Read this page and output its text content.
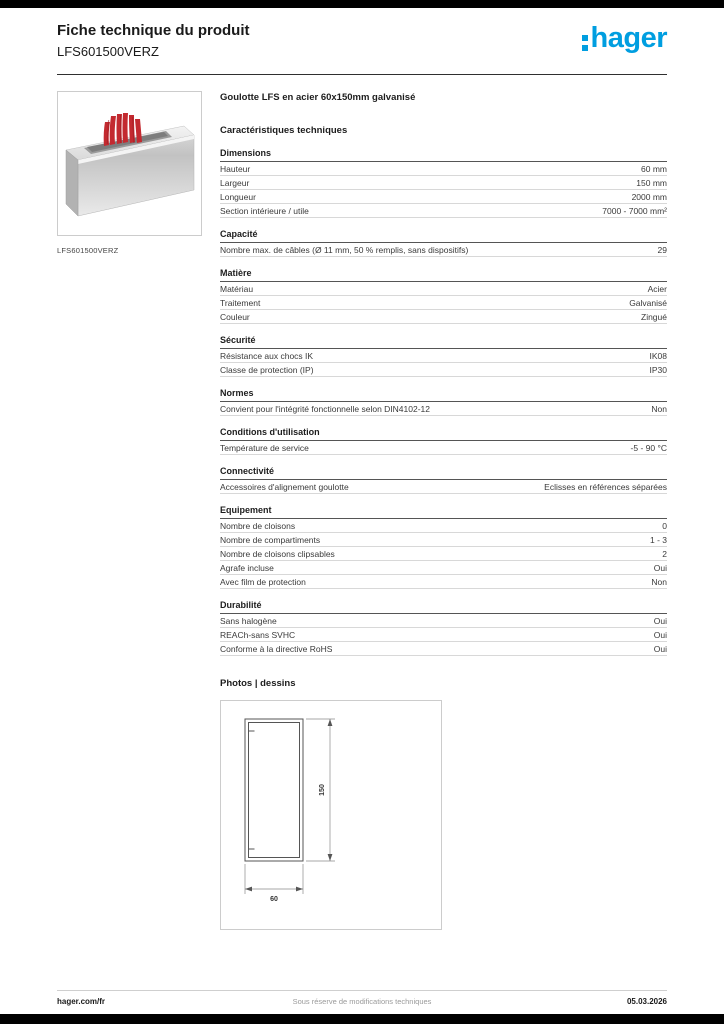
Fiche technique du produit
LFS601500VERZ	hager
LFS601500VERZ
Goulotte LFS en acier 60x150mm galvanisé
Caractéristiques techniques
Dimensions
Hauteur	60 mm
Largeur	150 mm
Longueur	2000 mm
Section intérieure / utile	7000 - 7000 mm²
Capacité
Nombre max. de câbles (Ø 11 mm, 50 % remplis, sans dispositifs)	29
Matière
Matériau	Acier
Traitement	Galvanisé
Couleur	Zingué
Sécurité
Résistance aux chocs IK	IK08
Classe de protection (IP)	IP30
Normes
Convient pour l'intégrité fonctionnelle selon DIN4102-12	Non
Conditions d'utilisation
Température de service	-5 - 90 °C
Connectivité
Accessoires d'alignement goulotte	Eclisses en références séparées
Equipement
Nombre de cloisons	0
Nombre de compartiments	1 - 3
Nombre de cloisons clipsables	2
Agrafe incluse	Oui
Avec film de protection	Non
Durabilité
Sans halogène	Oui
REACh-sans SVHC	Oui
Conforme à la directive RoHS	Oui
Photos | dessins
150
60
hager.com/fr	Sous réserve de modifications techniques	05.03.2026
